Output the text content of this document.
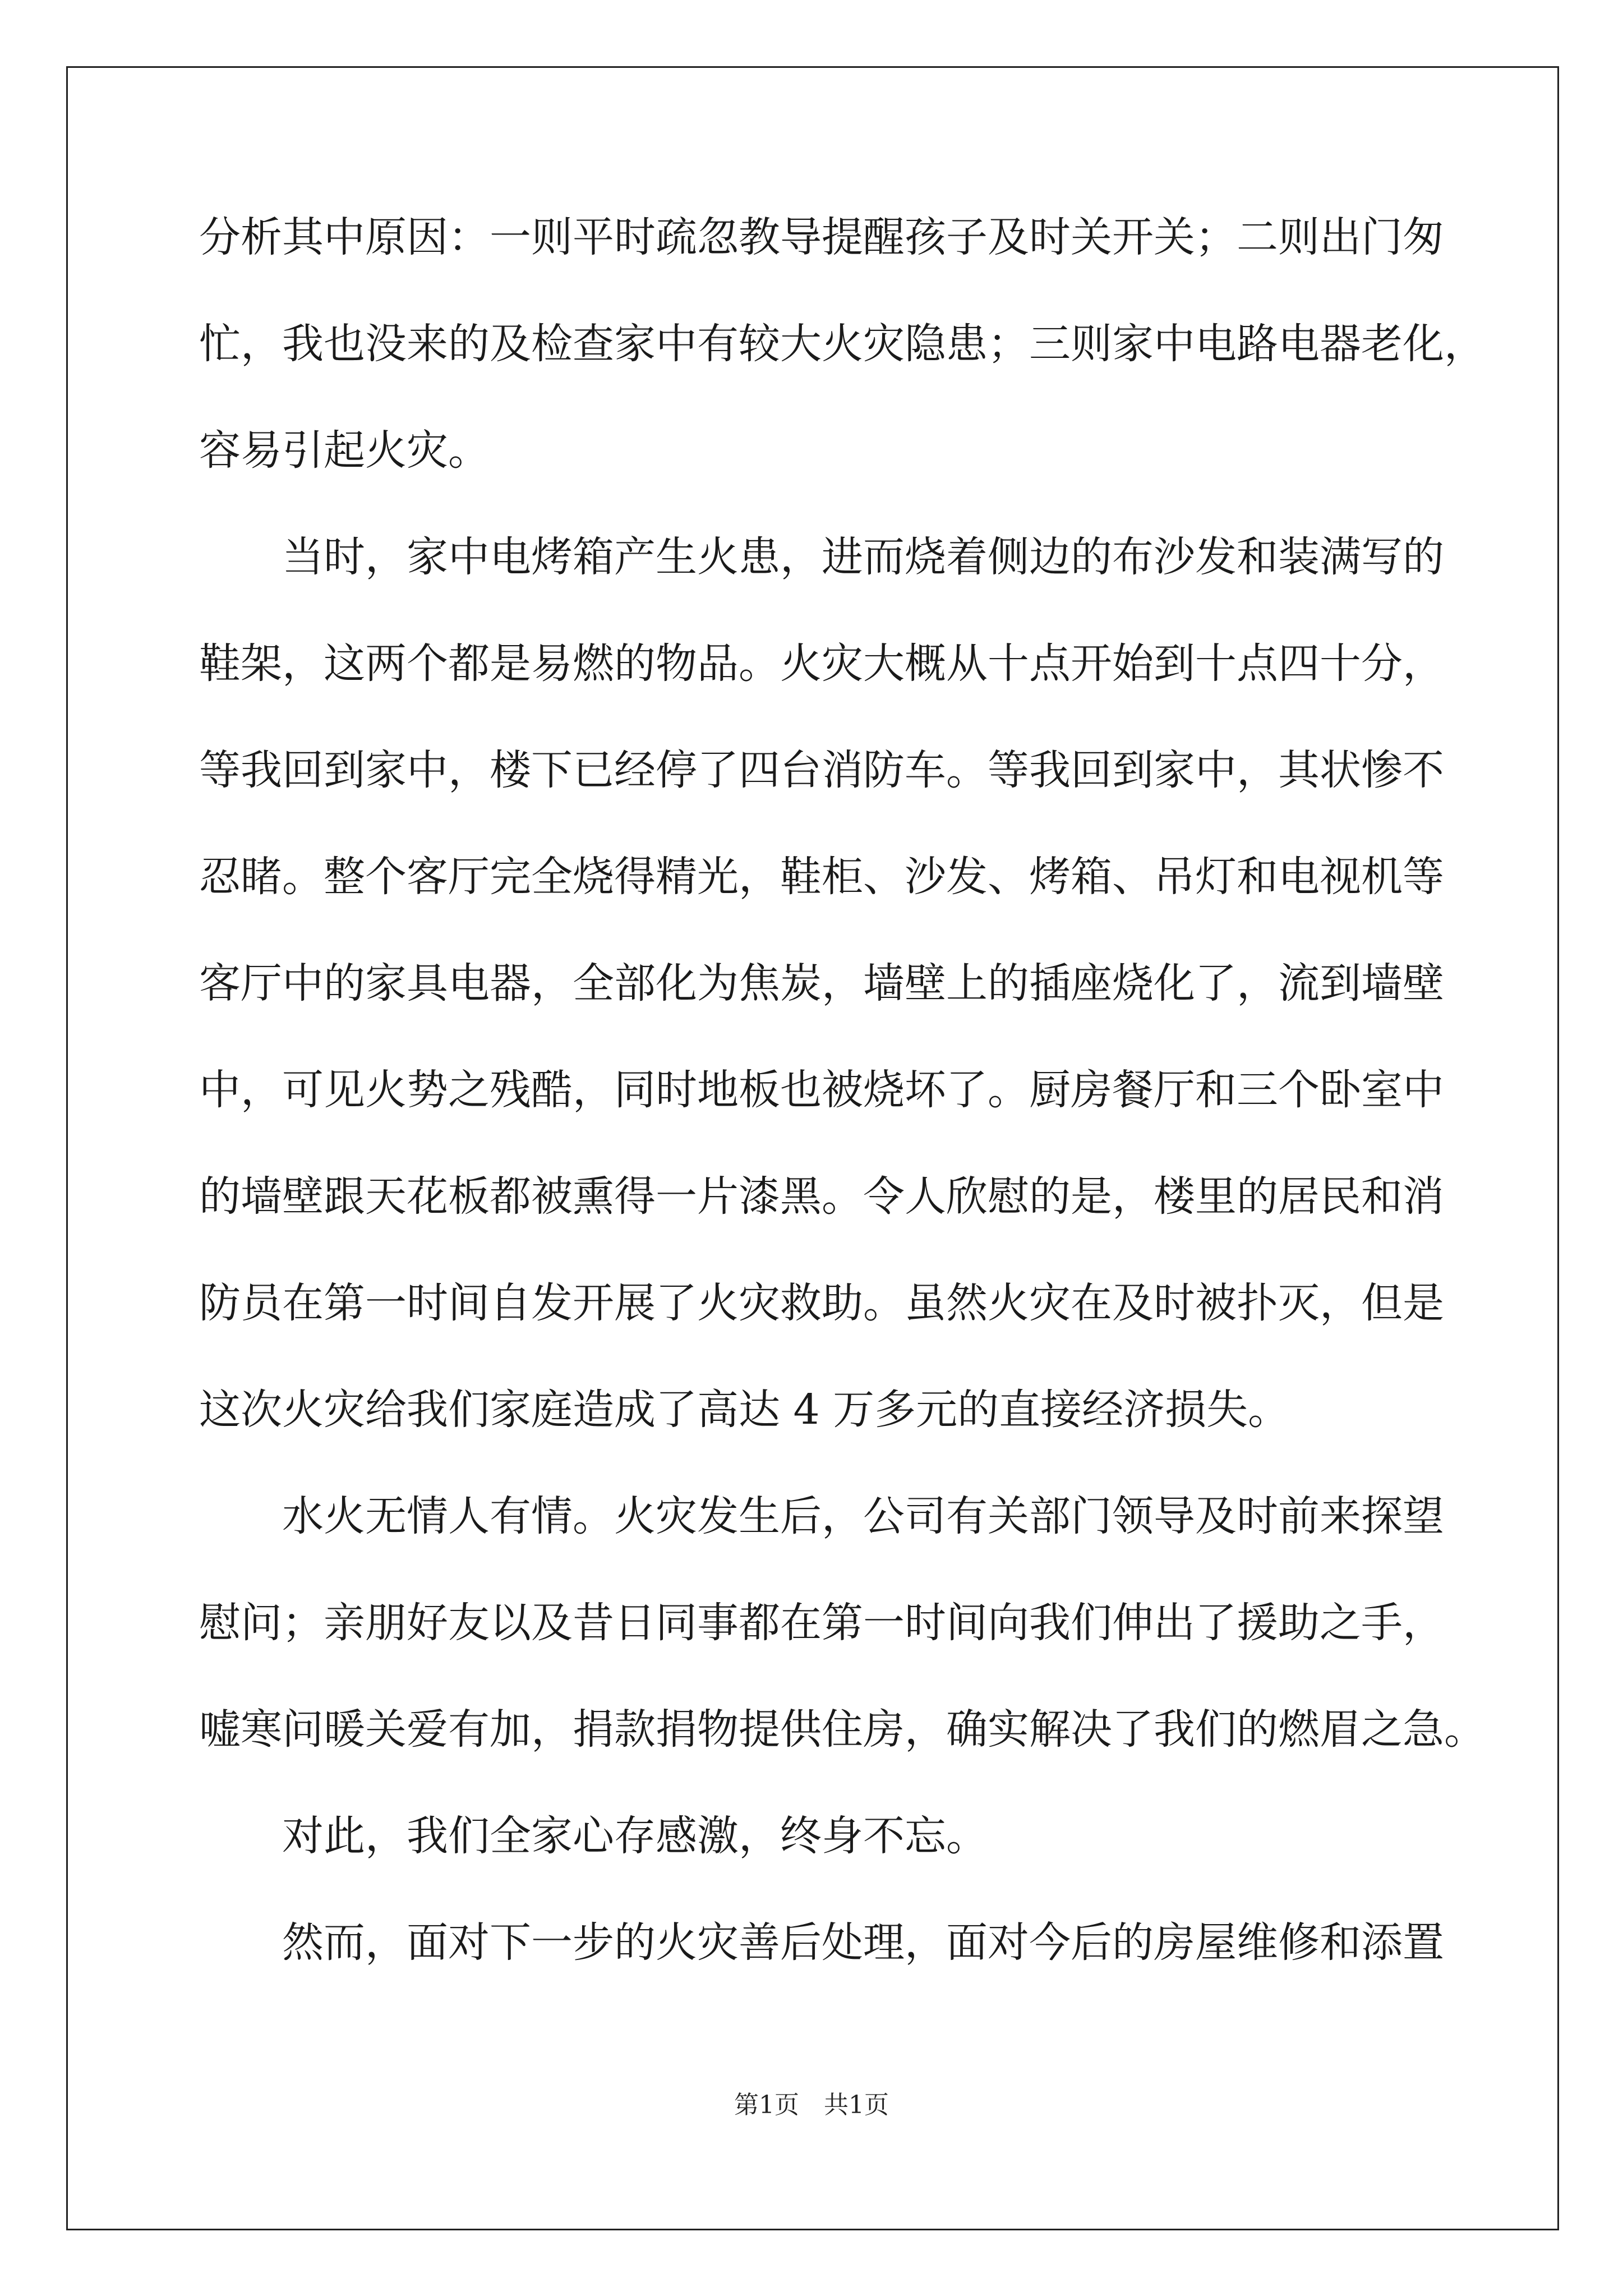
分析其中原因：一则平时疏忽教导提醒孩子及时关开关；二则出门匆
忙，我也没来的及检查家中有较大火灾隐患；三则家中电路电器老化，
容易引起火灾。
　　当时，家中电烤箱产生火患，进而烧着侧边的布沙发和装满写的
鞋架，这两个都是易燃的物品。火灾大概从十点开始到十点四十分，
等我回到家中，楼下已经停了四台消防车。等我回到家中，其状惨不
忍睹。整个客厅完全烧得精光，鞋柜、沙发、烤箱、吊灯和电视机等
客厅中的家具电器，全部化为焦炭，墙壁上的插座烧化了，流到墙壁
中，可见火势之残酷，同时地板也被烧坏了。厨房餐厅和三个卧室中
的墙壁跟天花板都被熏得一片漆黑。令人欣慰的是，楼里的居民和消
防员在第一时间自发开展了火灾救助。虽然火灾在及时被扑灭，但是
这次火灾给我们家庭造成了高达 4 万多元的直接经济损失。
　　水火无情人有情。火灾发生后，公司有关部门领导及时前来探望
慰问；亲朋好友以及昔日同事都在第一时间向我们伸出了援助之手，
嘘寒问暖关爱有加，捐款捐物提供住房，确实解决了我们的燃眉之急。
　　对此，我们全家心存感激，终身不忘。
　　然而，面对下一步的火灾善后处理，面对今后的房屋维修和添置
第1页　共1页
